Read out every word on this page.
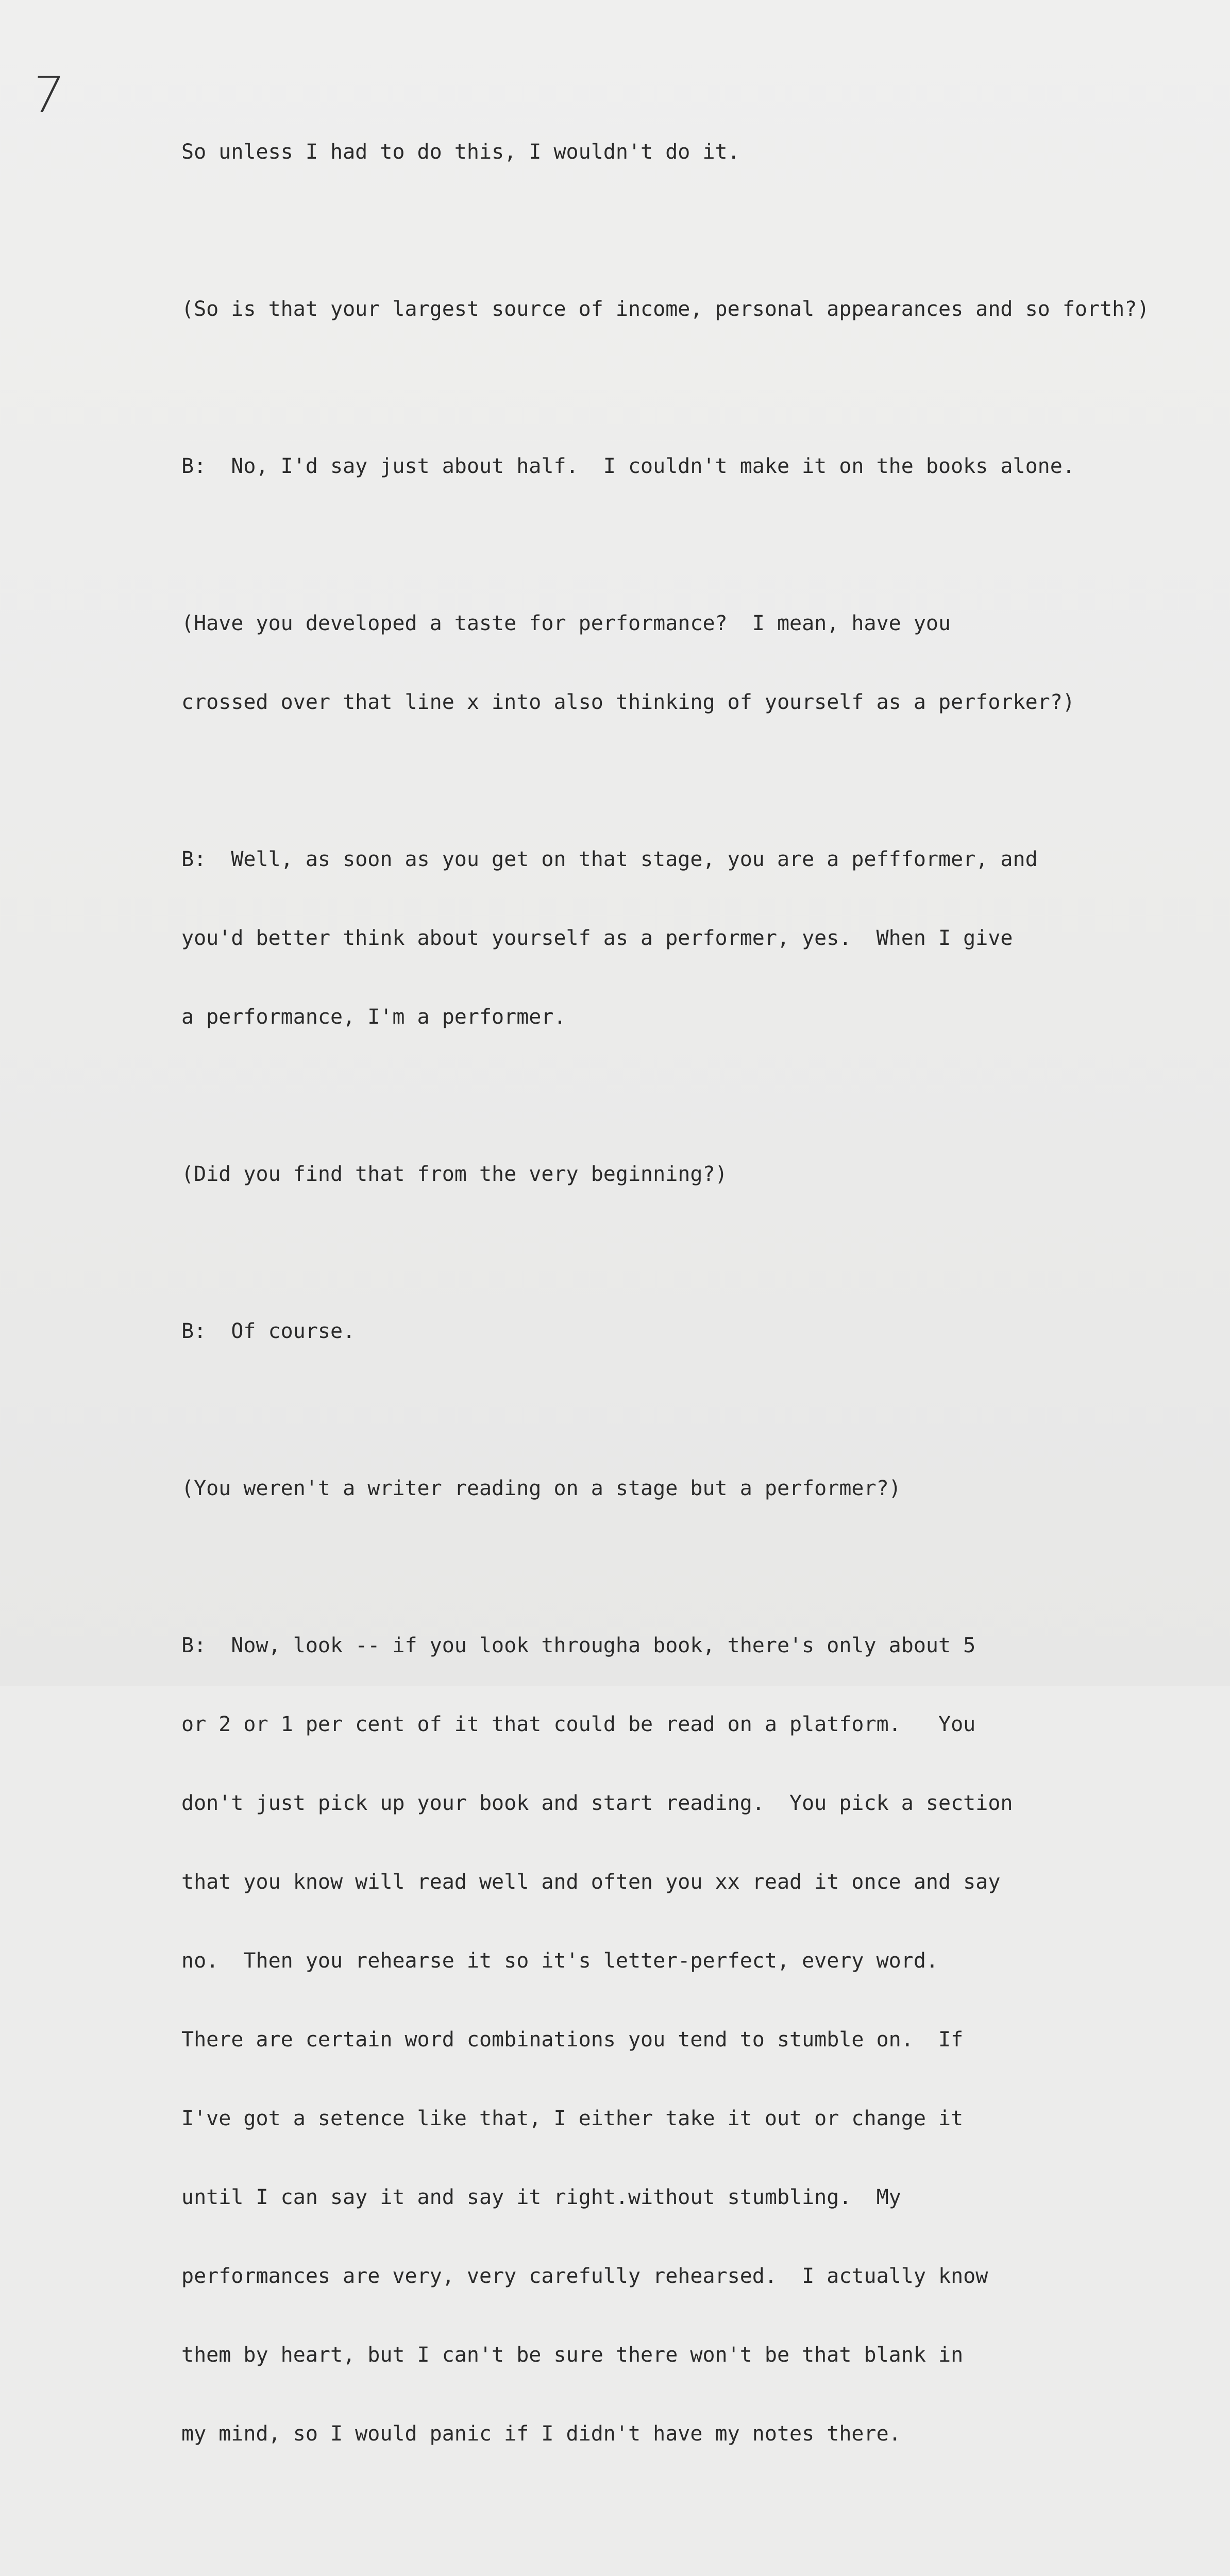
7

So unless I had to do this, I wouldn't do it.

(So is that your largest source of income, personal appearances and so forth?)

B:  No, I'd say just about half.  I couldn't make it on the books alone.

(Have you developed a taste for performance?  I mean, have you

crossed over that line x into also thinking of yourself as a perforker?)

B:  Well, as soon as you get on that stage, you are a peffformer, and

you'd better think about yourself as a performer, yes.  When I give

a performance, I'm a performer.

(Did you find that from the very beginning?)

B:  Of course.

(You weren't a writer reading on a stage but a performer?)

B:  Now, look -- if you look througha book, there's only about 5

or 2 or 1 per cent of it that could be read on a platform.   You

don't just pick up your book and start reading.  You pick a section

that you know will read well and often you xx read it once and say

no.  Then you rehearse it so it's letter-perfect, every word.

There are certain word combinations you tend to stumble on.  If

I've got a setence like that, I either take it out or change it

until I can say it and say it right.without stumbling.  My

performances are very, very carefully rehearsed.  I actually know

them by heart, but I can't be sure there won't be that blank in

my mind, so I would panic if I didn't have my notes there.
